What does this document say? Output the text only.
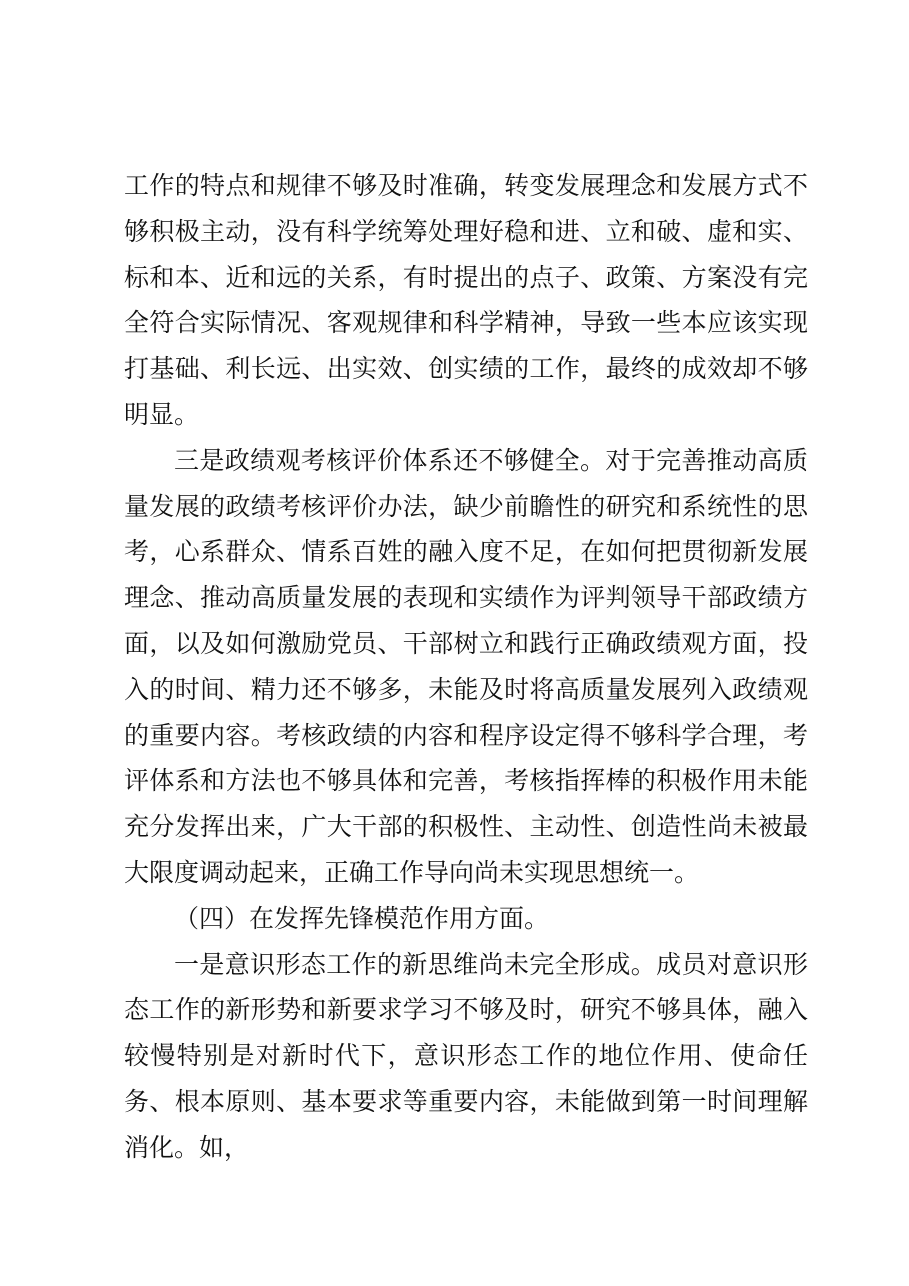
工作的特点和规律不够及时准确，转变发展理念和发展方式不够积极主动，没有科学统筹处理好稳和进、立和破、虚和实、标和本、近和远的关系，有时提出的点子、政策、方案没有完全符合实际情况、客观规律和科学精神，导致一些本应该实现打基础、利长远、出实效、创实绩的工作，最终的成效却不够明显。

三是政绩观考核评价体系还不够健全。对于完善推动高质量发展的政绩考核评价办法，缺少前瞻性的研究和系统性的思考，心系群众、情系百姓的融入度不足，在如何把贯彻新发展理念、推动高质量发展的表现和实绩作为评判领导干部政绩方面，以及如何激励党员、干部树立和践行正确政绩观方面，投入的时间、精力还不够多，未能及时将高质量发展列入政绩观的重要内容。考核政绩的内容和程序设定得不够科学合理，考评体系和方法也不够具体和完善，考核指挥棒的积极作用未能充分发挥出来，广大干部的积极性、主动性、创造性尚未被最大限度调动起来，正确工作导向尚未实现思想统一。

（四）在发挥先锋模范作用方面。

一是意识形态工作的新思维尚未完全形成。成员对意识形态工作的新形势和新要求学习不够及时，研究不够具体，融入较慢特别是对新时代下，意识形态工作的地位作用、使命任务、根本原则、基本要求等重要内容，未能做到第一时间理解消化。如，
